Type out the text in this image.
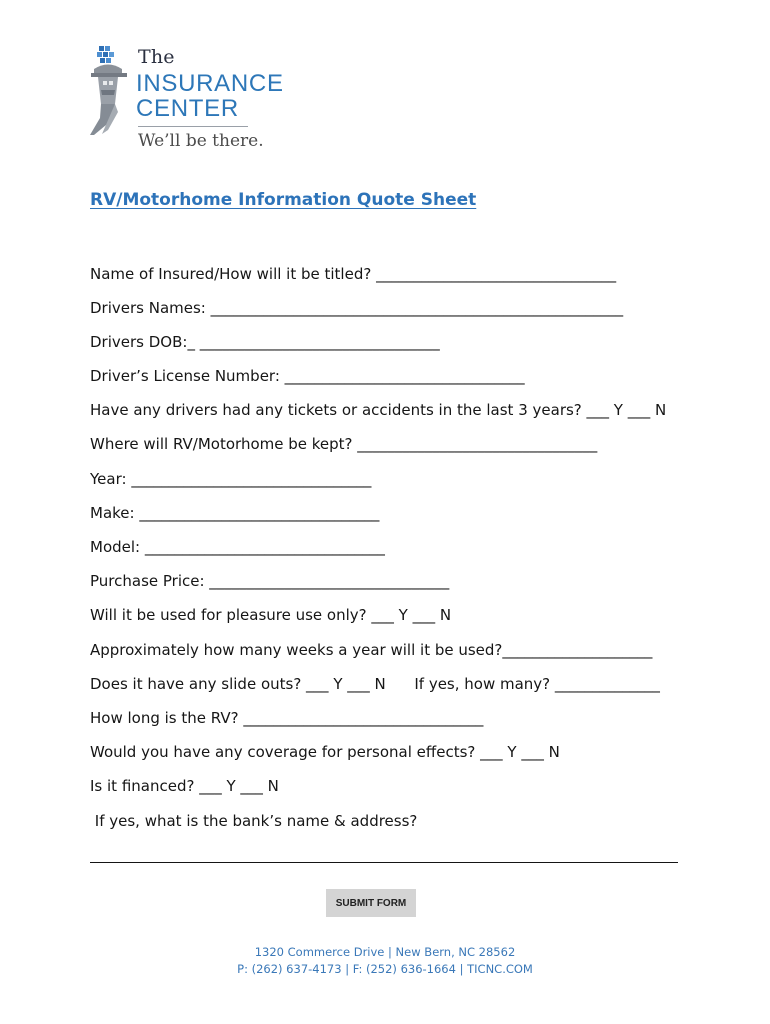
The
INSURANCE
CENTER
We’ll be there.
RV/Motorhome Information Quote Sheet
Name of Insured/How will it be titled? ________________________________
Drivers Names: _______________________________________________________
Drivers DOB:_ ________________________________
Driver’s License Number: ________________________________
Have any drivers had any tickets or accidents in the last 3 years? ___ Y ___ N
Where will RV/Motorhome be kept? ________________________________
Year: ________________________________
Make: ________________________________
Model: ________________________________
Purchase Price: ________________________________
Will it be used for pleasure use only? ___ Y ___ N
Approximately how many weeks a year will it be used?____________________
Does it have any slide outs? ___ Y ___ N      If yes, how many? ______________
How long is the RV? ________________________________
Would you have any coverage for personal effects? ___ Y ___ N
Is it financed? ___ Y ___ N
If yes, what is the bank’s name & address?
SUBMIT FORM
1320 Commerce Drive | New Bern, NC 28562
P: (262) 637-4173 | F: (252) 636-1664 | TICNC.COM
